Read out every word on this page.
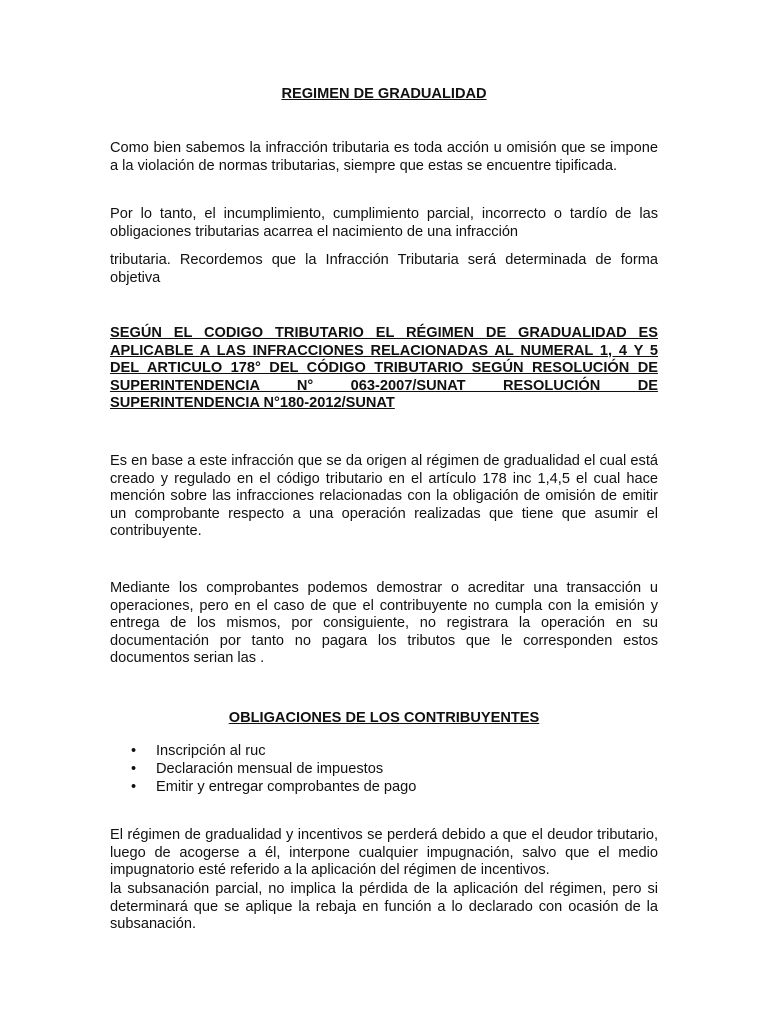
REGIMEN DE GRADUALIDAD

Como bien sabemos la infracción tributaria es toda acción u omisión que se impone a la violación de normas tributarias, siempre que estas se encuentre tipificada.

Por lo tanto, el incumplimiento, cumplimiento parcial, incorrecto o tardío de las obligaciones tributarias acarrea el nacimiento de una infracción

tributaria. Recordemos que la Infracción Tributaria será determinada de forma objetiva

SEGÚN EL CODIGO TRIBUTARIO EL RÉGIMEN DE GRADUALIDAD ES APLICABLE A LAS INFRACCIONES RELACIONADAS AL NUMERAL 1, 4 Y 5 DEL ARTICULO 178° DEL CÓDIGO TRIBUTARIO SEGÚN RESOLUCIÓN DE SUPERINTENDENCIA N° 063-2007/SUNAT RESOLUCIÓN DE SUPERINTENDENCIA N°180-2012/SUNAT

Es en base a este infracción que se da origen al régimen de gradualidad el cual está creado y regulado en el código tributario en el artículo 178 inc 1,4,5 el cual hace mención sobre las infracciones relacionadas con la obligación de omisión de emitir un comprobante respecto a una operación realizadas que tiene que asumir el contribuyente.

Mediante los comprobantes podemos demostrar o acreditar una transacción u operaciones, pero en el caso de que el contribuyente no cumpla con la emisión y entrega de los mismos, por consiguiente, no registrara la operación en su documentación por tanto no pagara los tributos que le corresponden estos documentos serian las .

OBLIGACIONES DE LOS CONTRIBUYENTES
• Inscripción al ruc
• Declaración mensual de impuestos
• Emitir y entregar comprobantes de pago

El régimen de gradualidad y incentivos se perderá debido a que el deudor tributario, luego de acogerse a él, interpone cualquier impugnación, salvo que el medio impugnatorio esté referido a la aplicación del régimen de incentivos.

la subsanación parcial, no implica la pérdida de la aplicación del régimen, pero si determinará que se aplique la rebaja en función a lo declarado con ocasión de la subsanación.
